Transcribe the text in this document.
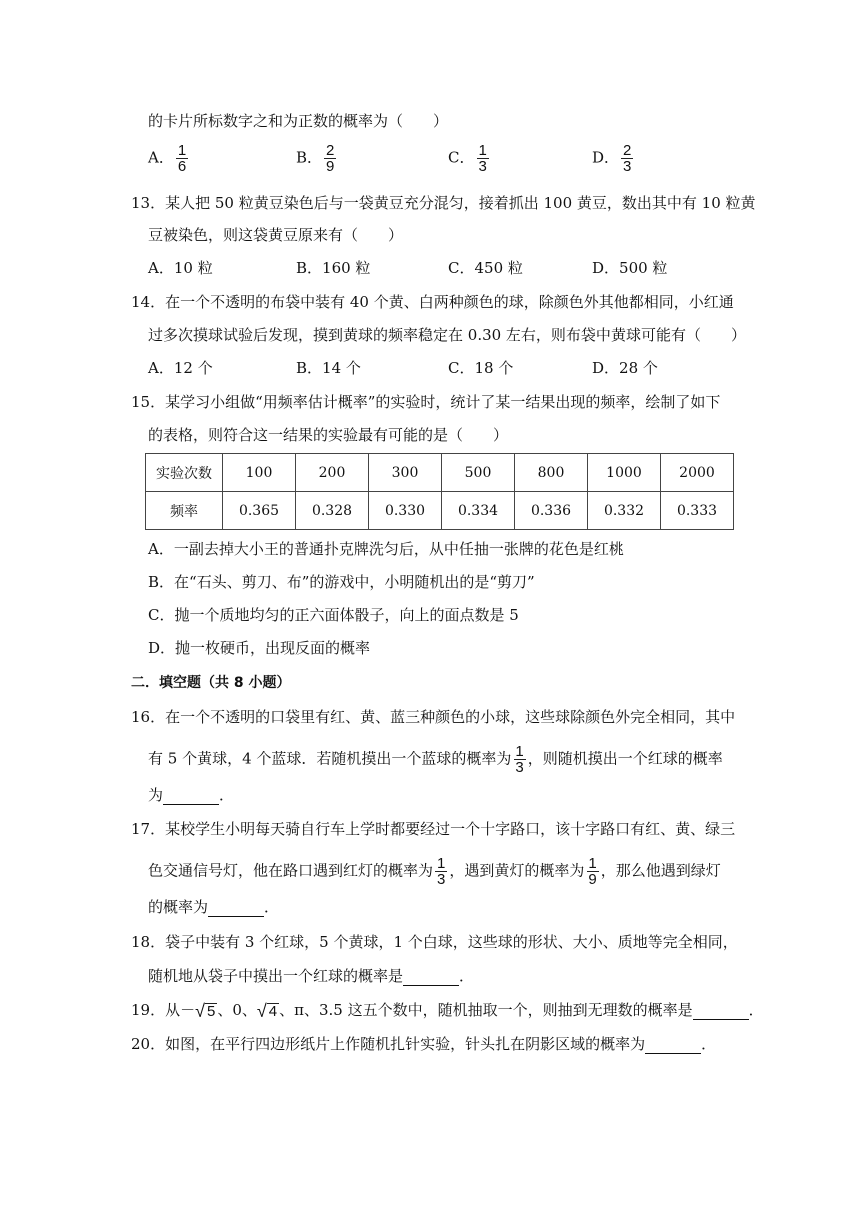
的卡片所标数字之和为正数的概率为（　　）
A． $\frac{1}{6}$	B． $\frac{2}{9}$	C． $\frac{1}{3}$	D． $\frac{2}{3}$
13．某人把 50 粒黄豆染色后与一袋黄豆充分混匀，接着抓出 100 黄豆，数出其中有 10 粒黄
豆被染色，则这袋黄豆原来有（　　）
A．10 粒	B．160 粒	C．450 粒	D．500 粒
14．在一个不透明的布袋中装有 40 个黄、白两种颜色的球，除颜色外其他都相同，小红通
过多次摸球试验后发现，摸到黄球的频率稳定在 0.30 左右，则布袋中黄球可能有（　　）
A．12 个	B．14 个	C．18 个	D．28 个
15．某学习小组做“用频率估计概率”的实验时，统计了某一结果出现的频率，绘制了如下
的表格，则符合这一结果的实验最有可能的是（　　）
实验次数	100	200	300	500	800	1000	2000
频率	0.365	0.328	0.330	0.334	0.336	0.332	0.333
A．一副去掉大小王的普通扑克牌洗匀后，从中任抽一张牌的花色是红桃
B．在“石头、剪刀、布”的游戏中，小明随机出的是“剪刀”
C．抛一个质地均匀的正六面体骰子，向上的面点数是 5
D．抛一枚硬币，出现反面的概率
二．填空题（共 8 小题）
16．在一个不透明的口袋里有红、黄、蓝三种颜色的小球，这些球除颜色外完全相同，其中
有 5 个黄球，4 个蓝球．若随机摸出一个蓝球的概率为 $\frac{1}{3}$ ，则随机摸出一个红球的概率
为	．
17．某校学生小明每天骑自行车上学时都要经过一个十字路口，该十字路口有红、黄、绿三
色交通信号灯，他在路口遇到红灯的概率为 $\frac{1}{3}$ ，遇到黄灯的概率为 $\frac{1}{9}$ ，那么他遇到绿灯
的概率为	．
18．袋子中装有 3 个红球，5 个黄球，1 个白球，这些球的形状、大小、质地等完全相同，
随机地从袋子中摸出一个红球的概率是	．
19．从－ √ 5 、0、 √ 4 、π、3.5 这五个数中，随机抽取一个，则抽到无理数的概率是	．
20．如图，在平行四边形纸片上作随机扎针实验，针头扎在阴影区域的概率为	．
